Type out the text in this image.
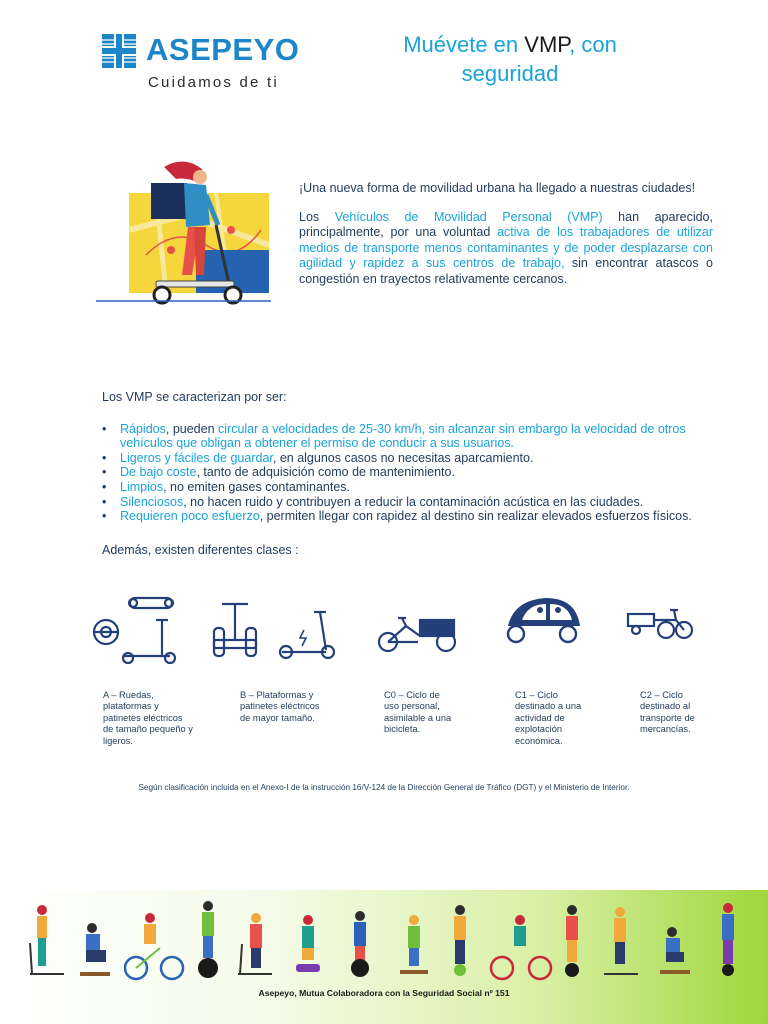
ASEPEYO
Cuidamos de ti
Muévete en VMP, con seguridad

¡Una nueva forma de movilidad urbana ha llegado a nuestras ciudades!

Los Vehículos de Movilidad Personal (VMP) han aparecido, principalmente, por una voluntad activa de los trabajadores de utilizar medios de transporte menos contaminantes y de poder desplazarse con agilidad y rapidez a sus centros de trabajo, sin encontrar atascos o congestión en trayectos relativamente cercanos.

Los VMP se caracterizan por ser:
• Rápidos, pueden circular a velocidades de 25-30 km/h, sin alcanzar sin embargo la velocidad de otros vehículos que obligan a obtener el permiso de conducir a sus usuarios.
• Ligeros y fáciles de guardar, en algunos casos no necesitas aparcamiento.
• De bajo coste, tanto de adquisición como de mantenimiento.
• Limpios, no emiten gases contaminantes.
• Silenciosos, no hacen ruido y contribuyen a reducir la contaminación acústica en las ciudades.
• Requieren poco esfuerzo, permiten llegar con rapidez al destino sin realizar elevados esfuerzos físicos.
Además, existen diferentes clases :
A – Ruedas, plataformas y patinetes eléctricos de tamaño pequeño y ligeros.
B – Plataformas y patinetes eléctricos de mayor tamaño.
C0 – Ciclo de uso personal, asimilable a una bicicleta.
C1 – Ciclo destinado a una actividad de explotación económica.
C2 – Ciclo destinado al transporte de mercancías.
Según clasificación incluida en el Anexo-I de la instrucción 16/V-124 de la Dirección General de Tráfico (DGT) y el Ministerio de Interior.
Asepeyo, Mutua Colaboradora con la Seguridad Social nº 151
